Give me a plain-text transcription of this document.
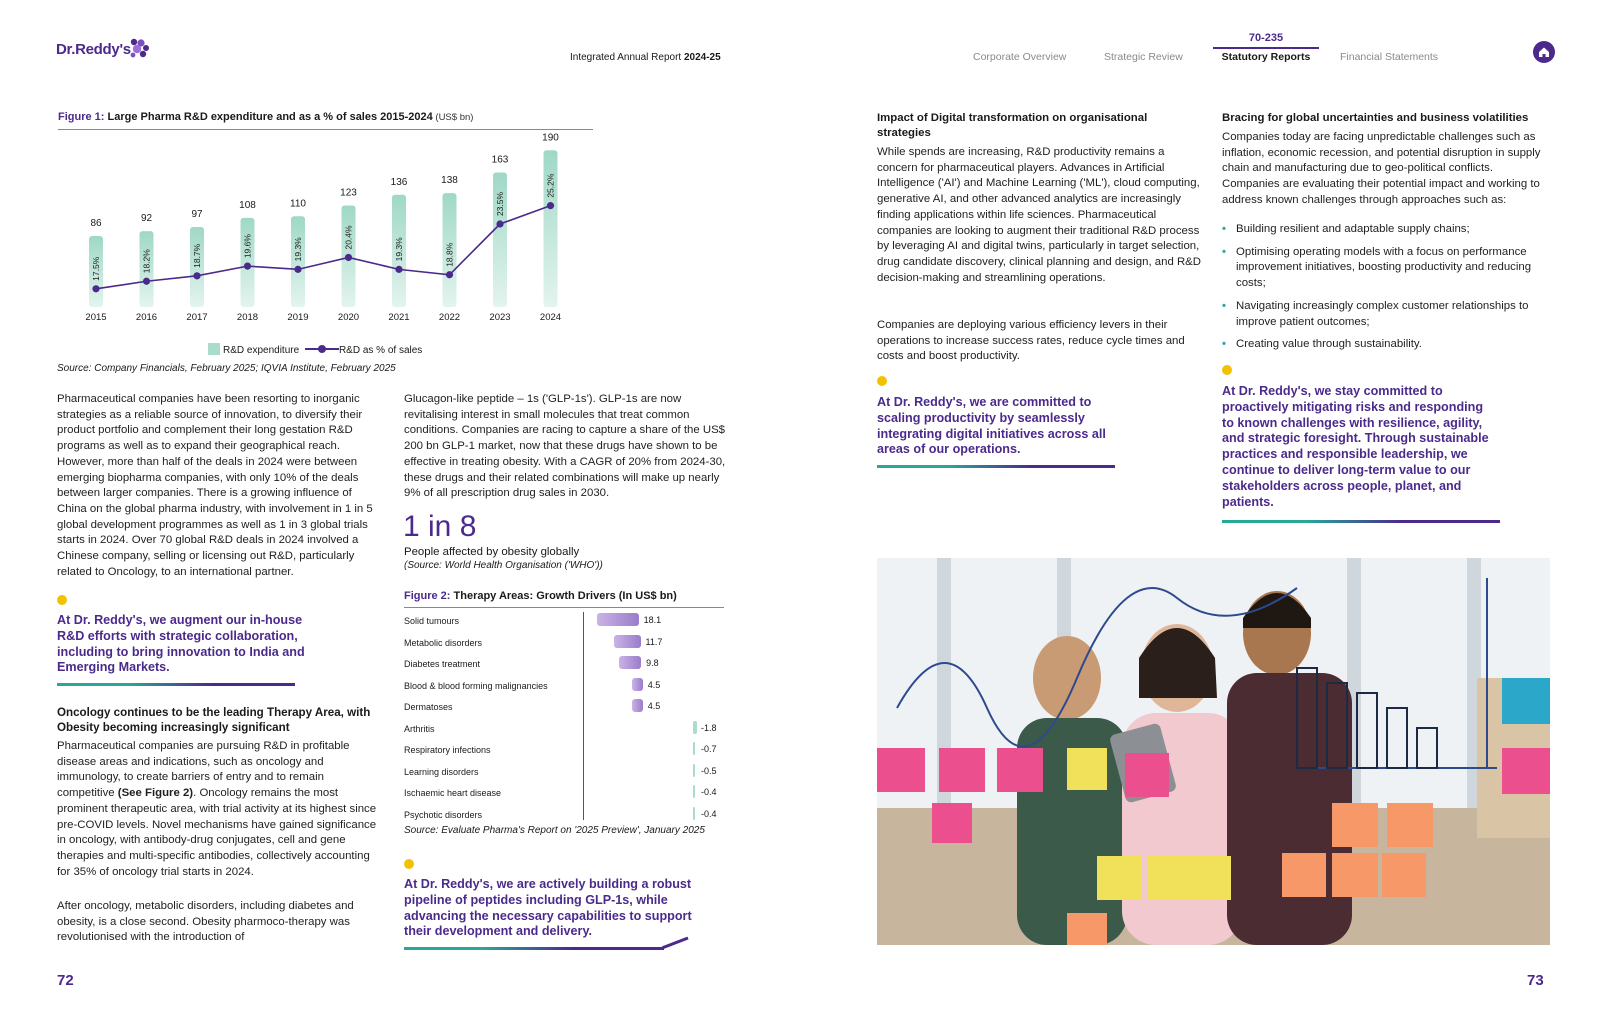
Dr.Reddy's	Integrated Annual Report 2024-25	Corporate Overview	Strategic Review
70-235
Statutory Reports	Financial Statements
Figure 1: Large Pharma R&D expenditure and as a % of sales 2015-2024 (US$ bn)
86
2015
17.5%
92
2016
18.2%
97
2017
18.7%
108
2018
19.6%
110
2019
19.3%
123
2020
20.4%
136
2021
19.3%
138
2022
18.8%
163
2023
23.5%
190
2024
25.2%
R&D expenditure	R&D as % of sales
Source: Company Financials, February 2025; IQVIA Institute, February 2025
Pharmaceutical companies have been resorting to inorganic strategies as a reliable source of innovation, to diversify their product portfolio and complement their long gestation R&D programs as well as to expand their geographical reach. However, more than half of the deals in 2024 were between emerging biopharma companies, with only 10% of the deals between larger companies. There is a growing influence of China on the global pharma industry, with involvement in 1 in 5 global development programmes as well as 1 in 3 global trials starts in 2024. Over 70 global R&D deals in 2024 involved a Chinese company, selling or licensing out R&D, particularly related to Oncology, to an international partner.
At Dr. Reddy's, we augment our in-house R&D efforts with strategic collaboration, including to bring innovation to India and Emerging Markets.
Oncology continues to be the leading Therapy Area, with Obesity becoming increasingly significant
Pharmaceutical companies are pursuing R&D in profitable disease areas and indications, such as oncology and immunology, to create barriers of entry and to remain competitive (See Figure 2). Oncology remains the most prominent therapeutic area, with trial activity at its highest since pre-COVID levels. Novel mechanisms have gained significance in oncology, with antibody-drug conjugates, cell and gene therapies and multi-specific antibodies, collectively accounting for 35% of oncology trial starts in 2024.
After oncology, metabolic disorders, including diabetes and obesity, is a close second. Obesity pharmoco-therapy was revolutionised with the introduction of
72
Glucagon-like peptide – 1s ('GLP-1s'). GLP-1s are now revitalising interest in small molecules that treat common conditions. Companies are racing to capture a share of the US$ 200 bn GLP-1 market, now that these drugs have shown to be effective in treating obesity. With a CAGR of 20% from 2024-30, these drugs and their related combinations will make up nearly 9% of all prescription drug sales in 2030.
1 in 8
People affected by obesity globally
(Source: World Health Organisation ('WHO'))
Figure 2: Therapy Areas: Growth Drivers (In US$ bn)
Solid tumours	18.1
Metabolic disorders	11.7
Diabetes treatment	9.8
Blood & blood forming malignancies	4.5
Dermatoses	4.5
Arthritis	-1.8
Respiratory infections	-0.7
Learning disorders	-0.5
Ischaemic heart disease	-0.4
Psychotic disorders	-0.4
Source: Evaluate Pharma's Report on '2025 Preview', January 2025
At Dr. Reddy's, we are actively building a robust pipeline of peptides including GLP-1s, while advancing the necessary capabilities to support their development and delivery.
Impact of Digital transformation on organisational strategies
While spends are increasing, R&D productivity remains a concern for pharmaceutical players. Advances in Artificial Intelligence ('AI') and Machine Learning ('ML'), cloud computing, generative AI, and other advanced analytics are increasingly finding applications within life sciences. Pharmaceutical companies are looking to augment their traditional R&D process by leveraging AI and digital twins, particularly in target selection, drug candidate discovery, clinical planning and design, and R&D decision-making and streamlining operations.
Companies are deploying various efficiency levers in their operations to increase success rates, reduce cycle times and costs and boost productivity.
At Dr. Reddy's, we are committed to scaling productivity by seamlessly integrating digital initiatives across all areas of our operations.
Bracing for global uncertainties and business volatilities
Companies today are facing unpredictable challenges such as inflation, economic recession, and potential disruption in supply chain and manufacturing due to geo-political conflicts. Companies are evaluating their potential impact and working to address known challenges through approaches such as:
• Building resilient and adaptable supply chains;
• Optimising operating models with a focus on performance improvement initiatives, boosting productivity and reducing costs;
• Navigating increasingly complex customer relationships to improve patient outcomes;
• Creating value through sustainability.
At Dr. Reddy's, we stay committed to proactively mitigating risks and responding to known challenges with resilience, agility, and strategic foresight. Through sustainable practices and responsible leadership, we continue to deliver long-term value to our stakeholders across people, planet, and patients.
73
